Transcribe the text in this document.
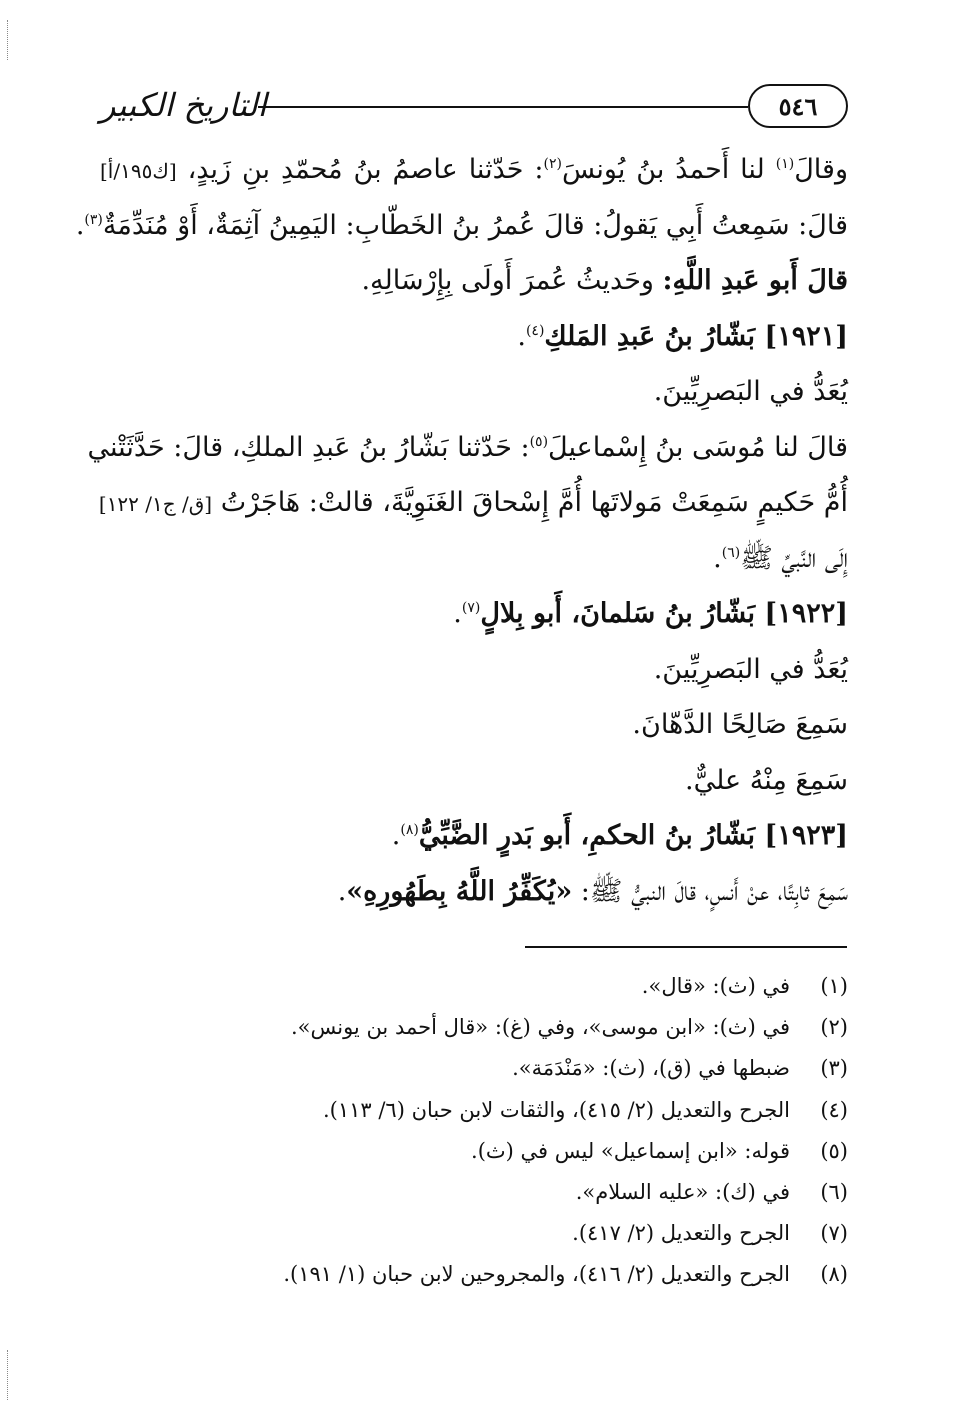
التاريخ الكبير	٥٤٦
وقالَ$^{(١)}$ لنا أَحمدُ بنُ يُونسَ$^{(٢)}$: حَدّثنا عاصمُ بنُ مُحمّدِ بنِ زَيدٍ، [ك١٩٥/أ]
قالَ: سَمِعتُ أَبِي يَقولُ: قالَ عُمرُ بنُ الخَطّابِ: اليَمِينُ آثِمَةٌ، أَوْ مُنَدِّمَةٌ$^{(٣)}$.
قالَ أَبو عَبدِ اللَّهِ: وحَديثُ عُمرَ أَولَى بِإِرْسَالِهِ.
[١٩٢١] بَشّارُ بنُ عَبدِ المَلكِ$^{(٤)}$.
يُعَدُّ في البَصرِيِّينَ.
قالَ لنا مُوسَى بنُ إِسْماعيلَ$^{(٥)}$: حَدّثنا بَشّارُ بنُ عَبدِ الملكِ، قالَ: حَدَّثَتْني
أُمُّ حَكيمٍ سَمِعَتْ مَولاتَها أُمَّ إِسْحاقَ الغَنَوِيَّةَ، قالتْ: هَاجَرْتُ [ق/ ج١/ ١٢٢]
إِلَى النَّبيِّ ﷺ$^{(٦)}$.
[١٩٢٢] بَشّارُ بنُ سَلمانَ، أَبو بِلالٍ$^{(٧)}$.
يُعَدُّ في البَصرِيِّينَ.
سَمِعَ صَالِحًا الدَّهّانَ.
سَمِعَ مِنْهُ عليٌّ.
[١٩٢٣] بَشّارُ بنُ الحكمِ، أَبو بَدرٍ الضَّبِّيُّ$^{(٨)}$.
سَمِعَ ثابِتًا، عنْ أَنسٍ، قالَ النبيُّ ﷺ: «يُكَفِّرُ اللَّهُ بِطَهُورِهِ».
(١)
في (ث): «قال».
(٢)
في (ث): «ابن موسى»، وفي (غ): «قال أحمد بن يونس».
(٣)
ضبطها في (ق)، (ث): «مَنْدَمَة».
(٤)
الجرح والتعديل (٢/ ٤١٥)، والثقات لابن حبان (٦/ ١١٣).
(٥)
قوله: «ابن إسماعيل» ليس في (ث).
(٦)
في (ك): «عليه السلام».
(٧)
الجرح والتعديل (٢/ ٤١٧).
(٨)
الجرح والتعديل (٢/ ٤١٦)، والمجروحين لابن حبان (١/ ١٩١).
